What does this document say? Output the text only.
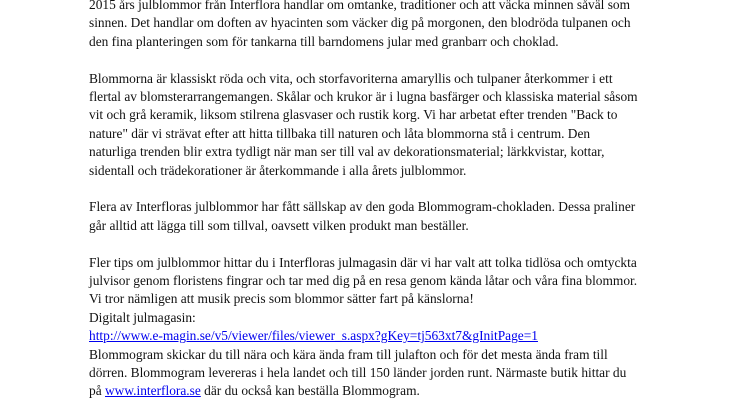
2015 års julblommor från Interflora handlar om omtanke, traditioner och att väcka minnen såväl som
sinnen. Det handlar om doften av hyacinten som väcker dig på morgonen, den blodröda tulpanen och
den fina planteringen som för tankarna till barndomens jular med granbarr och choklad.

Blommorna är klassiskt röda och vita, och storfavoriterna amaryllis och tulpaner återkommer i ett
flertal av blomsterarrangemangen. Skålar och krukor är i lugna basfärger och klassiska material såsom
vit och grå keramik, liksom stilrena glasvaser och rustik korg. Vi har arbetat efter trenden "Back to
nature" där vi strävat efter att hitta tillbaka till naturen och låta blommorna stå i centrum. Den
naturliga trenden blir extra tydligt när man ser till val av dekorationsmaterial; lärkkvistar, kottar,
sidentall och trädekorationer är återkommande i alla årets julblommor.

Flera av Interfloras julblommor har fått sällskap av den goda Blommogram-chokladen. Dessa praliner
går alltid att lägga till som tillval, oavsett vilken produkt man beställer.

Fler tips om julblommor hittar du i Interfloras julmagasin där vi har valt att tolka tidlösa och omtyckta
julvisor genom floristens fingrar och tar med dig på en resa genom kända låtar och våra fina blommor.
Vi tror nämligen att musik precis som blommor sätter fart på känslorna!
Digitalt julmagasin:
http://www.e-magin.se/v5/viewer/files/viewer_s.aspx?gKey=tj563xt7&gInitPage=1
Blommogram skickar du till nära och kära ända fram till julafton och för det mesta ända fram till
dörren. Blommogram levereras i hela landet och till 150 länder jorden runt. Närmaste butik hittar du
på www.interflora.se där du också kan beställa Blommogram.
